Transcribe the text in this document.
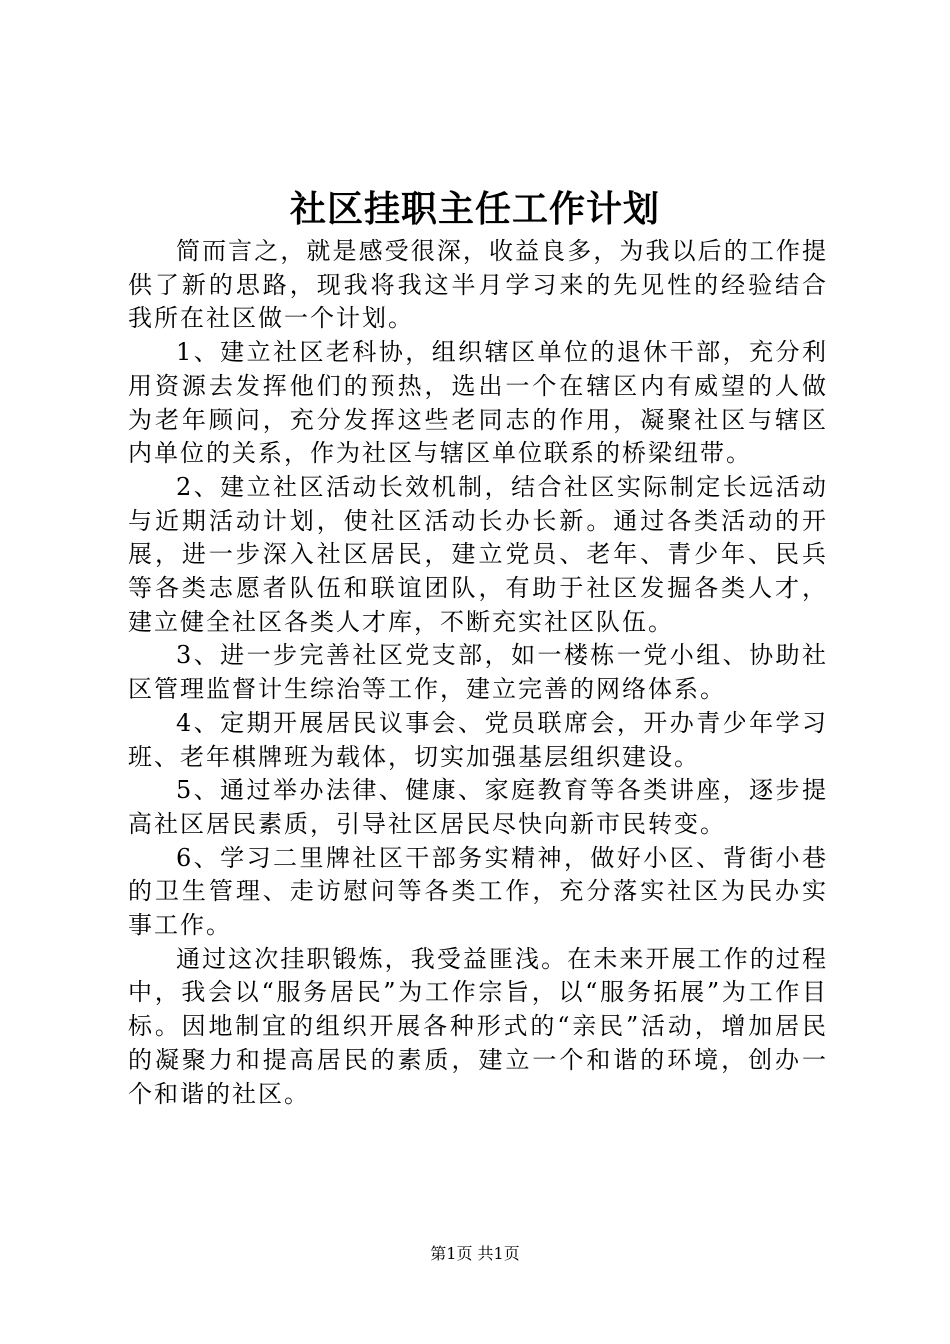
社区挂职主任工作计划

简而言之，就是感受很深，收益良多，为我以后的工作提供了新的思路，现我将我这半月学习来的先见性的经验结合我所在社区做一个计划。

1、建立社区老科协，组织辖区单位的退休干部，充分利用资源去发挥他们的预热，选出一个在辖区内有威望的人做为老年顾问，充分发挥这些老同志的作用，凝聚社区与辖区内单位的关系，作为社区与辖区单位联系的桥梁纽带。

2、建立社区活动长效机制，结合社区实际制定长远活动与近期活动计划，使社区活动长办长新。通过各类活动的开展，进一步深入社区居民，建立党员、老年、青少年、民兵等各类志愿者队伍和联谊团队，有助于社区发掘各类人才，建立健全社区各类人才库，不断充实社区队伍。

3、进一步完善社区党支部，如一楼栋一党小组、协助社区管理监督计生综治等工作，建立完善的网络体系。

4、定期开展居民议事会、党员联席会，开办青少年学习班、老年棋牌班为载体，切实加强基层组织建设。

5、通过举办法律、健康、家庭教育等各类讲座，逐步提高社区居民素质，引导社区居民尽快向新市民转变。

6、学习二里牌社区干部务实精神，做好小区、背街小巷的卫生管理、走访慰问等各类工作，充分落实社区为民办实事工作。

通过这次挂职锻炼，我受益匪浅。在未来开展工作的过程中，我会以“服务居民”为工作宗旨，以“服务拓展”为工作目标。因地制宜的组织开展各种形式的“亲民”活动，增加居民的凝聚力和提高居民的素质，建立一个和谐的环境，创办一个和谐的社区。

第1页 共1页
